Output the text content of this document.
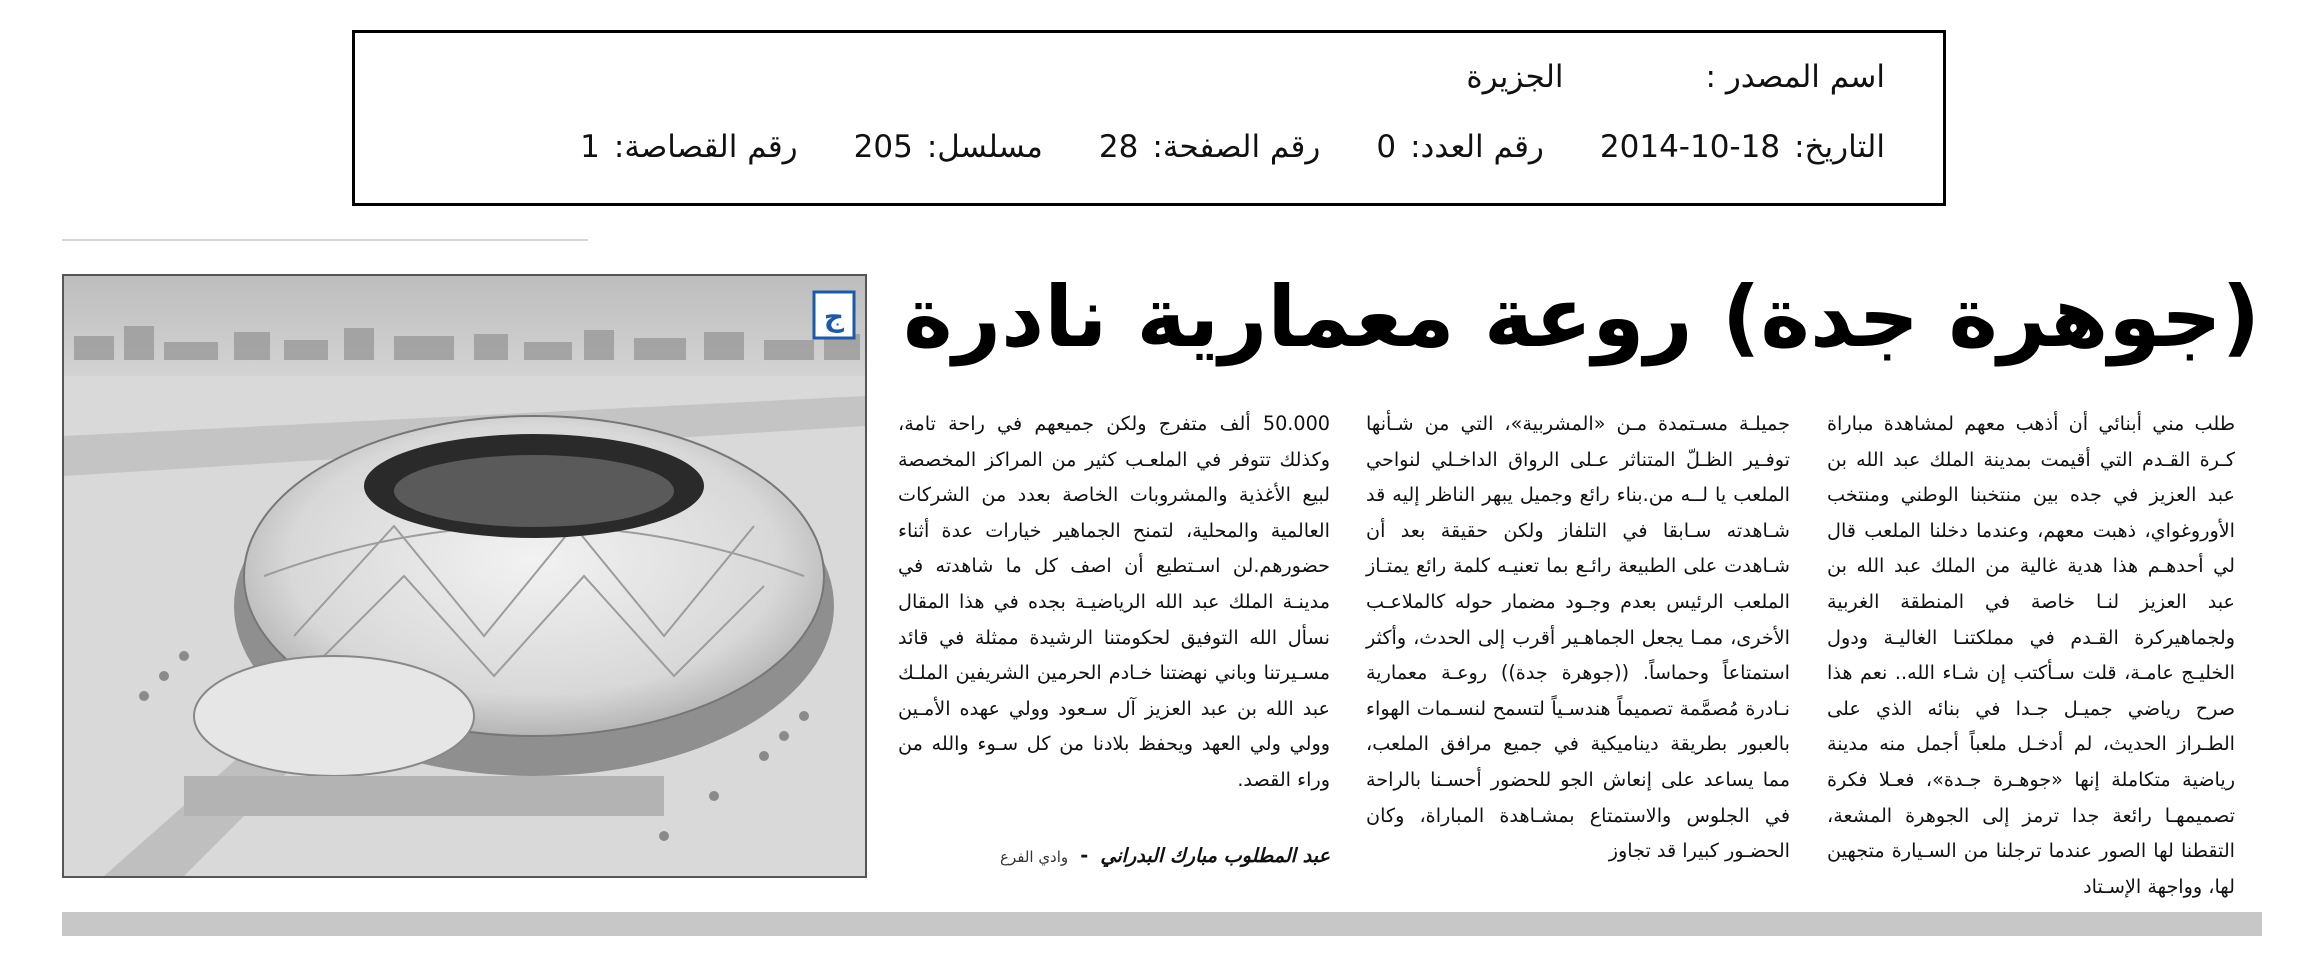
اسم المصدر :
الجزيرة
التاريخ:
2014-10-18
رقم العدد:
0
رقم الصفحة:
28
مسلسل:
205
رقم القصاصة:
1
ج (جوهرة جدة) روعة معمارية نادرة

طلب مني أبنائي أن أذهب معهم لمشاهدة مباراة كـرة القـدم التي أقيمت بمدينة الملك عبد الله بن عبد العزيز في جده بين منتخبنا الوطني ومنتخب الأوروغواي، ذهبت معهم، وعندما دخلنا الملعب قال لي أحدهـم هذا هدية غالية من الملك عبد الله بن عبد العزيز لنـا خاصة في المنطقة الغربية ولجماهيركرة القـدم في مملكتنـا الغاليـة ودول الخليـج عامـة، قلت سـأكتب إن شـاء الله.. نعم هذا صرح رياضي جميـل جـدا في بنائه الذي على الطـراز الحديث، لم أدخـل ملعباً أجمل منه مدينة رياضية متكاملة إنها «جوهـرة جـدة»، فعـلا فكرة تصميمهـا رائعة جدا ترمز إلى الجوهرة المشعة، التقطنا لها الصور عندما ترجلنا من السـيارة متجهين لها، وواجهة الإسـتاد

جميلـة مسـتمدة مـن «المشربية»، التي من شـأنها توفـير الظـلّ المتناثر عـلى الرواق الداخـلي لنواحي الملعب يا لــه من.بناء رائع وجميل يبهر الناظر إليه قد شـاهدته سـابقا في التلفاز ولكن حقيقة بعد أن شـاهدت على الطبيعة رائـع بما تعنيـه كلمة رائع يمتـاز الملعب الرئيس بعدم وجـود مضمار حوله كالملاعـب الأخرى، ممـا يجعل الجماهـير أقرب إلى الحدث، وأكثر استمتاعاً وحماساً. ((جوهرة جدة)) روعـة معمارية نـادرة مُصمَّمة تصميماً هندسـياً لتسمح لنسـمات الهواء بالعبور بطريقة ديناميكية في جميع مرافق الملعب، مما يساعد على إنعاش الجو للحضور أحسـنا بالراحة في الجلوس والاستمتاع بمشـاهدة المباراة، وكان الحضـور كبيرا قد تجاوز

50.000 ألف متفرج ولكن جميعهم في راحة تامة، وكذلك تتوفر في الملعـب كثير من المراكز المخصصة لبيع الأغذية والمشروبات الخاصة بعدد من الشركات العالمية والمحلية، لتمنح الجماهير خيارات عدة أثناء حضورهم.لن اسـتطيع أن اصف كل ما شاهدته في مدينـة الملك عبد الله الرياضيـة بجده في هذا المقال نسأل الله التوفيق لحكومتنا الرشيدة ممثلة في قائد مسـيرتنا وباني نهضتنا خـادم الحرمين الشريفين الملـك عبد الله بن عبد العزيز آل سـعود وولي عهده الأمـين وولي ولي العهد ويحفظ بلادنا من كل سـوء والله من وراء القصد.

عبد المطلوب مبارك البدراني - وادي الفرع
